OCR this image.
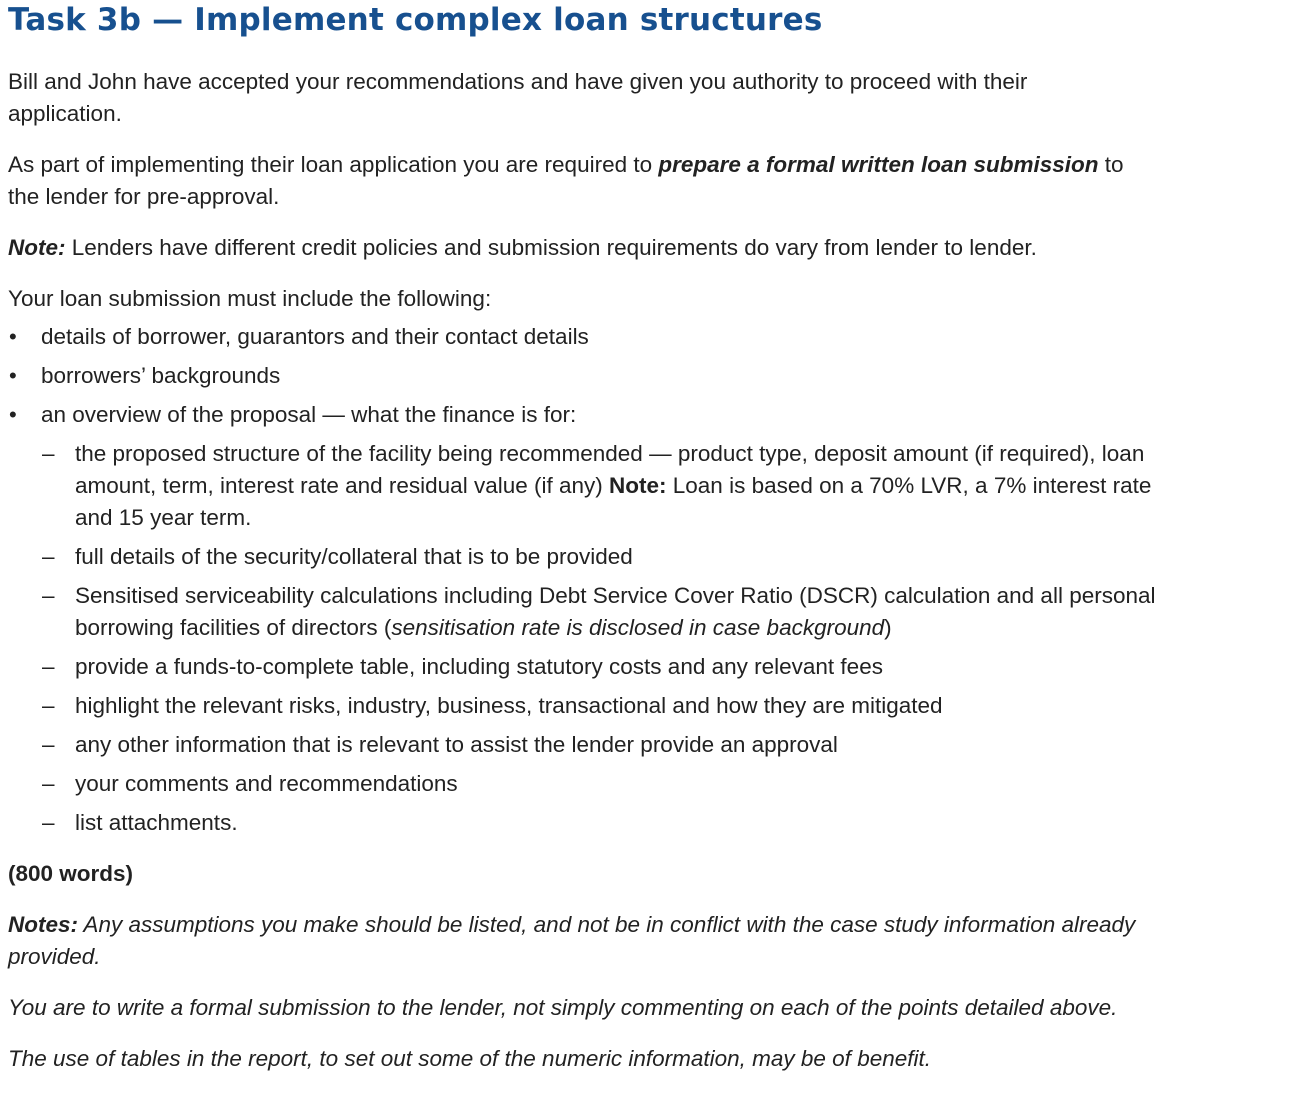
Task 3b — Implement complex loan structures

Bill and John have accepted your recommendations and have given you authority to proceed with their application.

As part of implementing their loan application you are required to prepare a formal written loan submission to the lender for pre-approval.

Note: Lenders have different credit policies and submission requirements do vary from lender to lender.

Your loan submission must include the following:

• details of borrower, guarantors and their contact details
• borrowers’ backgrounds
• an overview of the proposal — what the finance is for:
– the proposed structure of the facility being recommended — product type, deposit amount (if required), loan amount, term, interest rate and residual value (if any) Note: Loan is based on a 70% LVR, a 7% interest rate and 15 year term.
– full details of the security/collateral that is to be provided
– Sensitised serviceability calculations including Debt Service Cover Ratio (DSCR) calculation and all personal borrowing facilities of directors (sensitisation rate is disclosed in case background)
– provide a funds-to-complete table, including statutory costs and any relevant fees
– highlight the relevant risks, industry, business, transactional and how they are mitigated
– any other information that is relevant to assist the lender provide an approval
– your comments and recommendations
– list attachments.

(800 words)

Notes: Any assumptions you make should be listed, and not be in conflict with the case study information already provided.

You are to write a formal submission to the lender, not simply commenting on each of the points detailed above.

The use of tables in the report, to set out some of the numeric information, may be of benefit.
